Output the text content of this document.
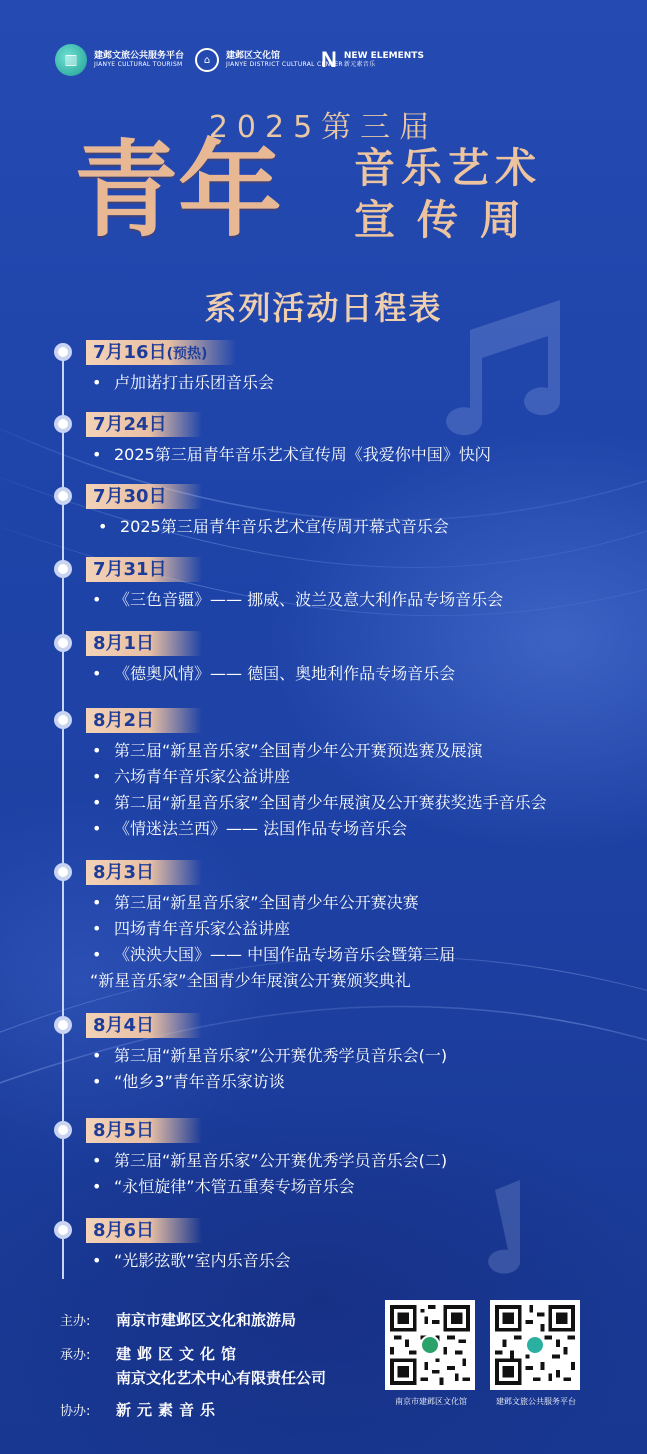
▥	建邺文旅公共服务平台
JIANYE CULTURAL TOURISM	⌂	建邺区文化馆
JIANYE DISTRICT CULTURAL CENTER
N NEW ELEMENTS
新元素音乐
2025第三届
青年 音乐艺术
宣传周
系列活动日程表
7月16日(预热)
• 卢加诺打击乐团音乐会
7月24日
• 2025第三届青年音乐艺术宣传周《我爱你中国》快闪
7月30日
• 2025第三届青年音乐艺术宣传周开幕式音乐会
7月31日
• 《三色音疆》—— 挪威、波兰及意大利作品专场音乐会
8月1日
• 《德奥风情》—— 德国、奥地利作品专场音乐会
8月2日
• 第三届“新星音乐家”全国青少年公开赛预选赛及展演
• 六场青年音乐家公益讲座
• 第二届“新星音乐家”全国青少年展演及公开赛获奖选手音乐会
• 《情迷法兰西》—— 法国作品专场音乐会
8月3日
• 第三届“新星音乐家”全国青少年公开赛决赛
• 四场青年音乐家公益讲座
• 《泱泱大国》—— 中国作品专场音乐会暨第三届
“新星音乐家”全国青少年展演公开赛颁奖典礼
8月4日
• 第三届“新星音乐家”公开赛优秀学员音乐会(一)
• “他乡3”青年音乐家访谈
8月5日
• 第三届“新星音乐家”公开赛优秀学员音乐会(二)
• “永恒旋律”木管五重奏专场音乐会
8月6日
• “光影弦歌”室内乐音乐会
主办: 南京市建邺区文化和旅游局
承办: 建邺区文化馆
南京文化艺术中心有限责任公司
协办: 新元素音乐	南京市建邺区文化馆	建邺文旅公共服务平台
